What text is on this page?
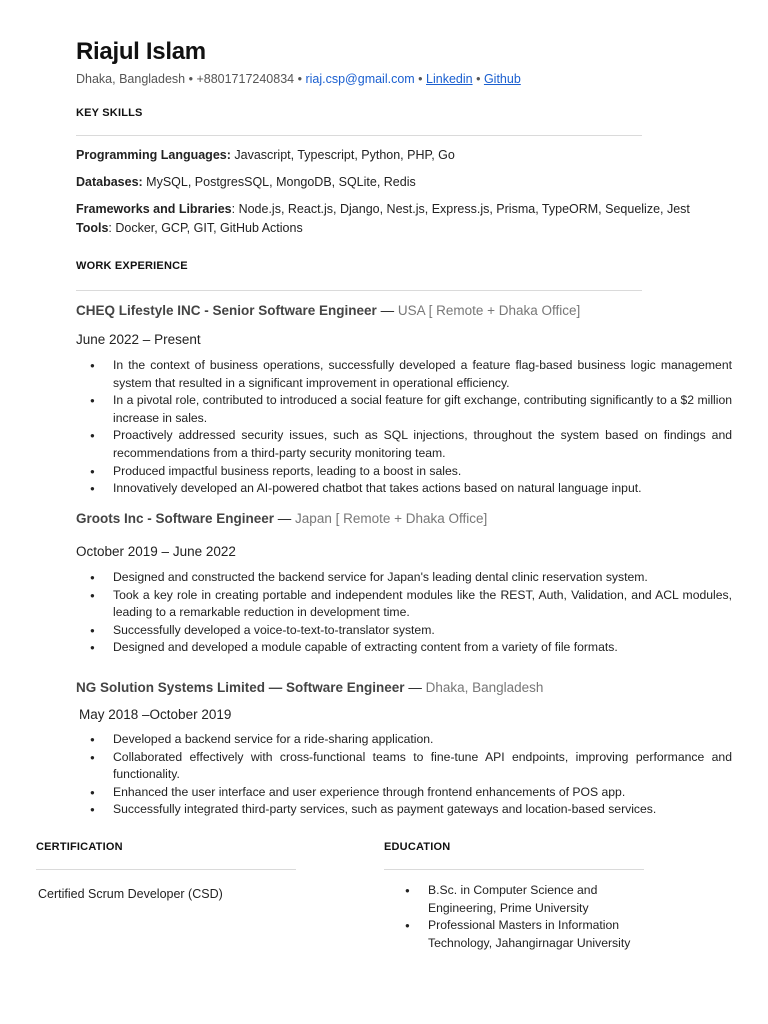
Riajul Islam
Dhaka, Bangladesh • +8801717240834 • riaj.csp@gmail.com • Linkedin • Github
KEY SKILLS
Programming Languages: Javascript, Typescript, Python, PHP, Go
Databases: MySQL, PostgresSQL, MongoDB, SQLite, Redis
Frameworks and Libraries: Node.js, React.js, Django, Nest.js, Express.js, Prisma, TypeORM, Sequelize, Jest
Tools: Docker, GCP, GIT, GitHub Actions
WORK EXPERIENCE
CHEQ Lifestyle INC - Senior Software Engineer — USA [ Remote + Dhaka Office]
June 2022 – Present
● In the context of business operations, successfully developed a feature flag-based business logic management system that resulted in a significant improvement in operational efficiency.
● In a pivotal role, contributed to introduced a social feature for gift exchange, contributing significantly to a $2 million increase in sales.
● Proactively addressed security issues, such as SQL injections, throughout the system based on findings and recommendations from a third-party security monitoring team.
● Produced impactful business reports, leading to a boost in sales.
● Innovatively developed an AI-powered chatbot that takes actions based on natural language input.
Groots Inc - Software Engineer — Japan [ Remote + Dhaka Office]
October 2019 – June 2022
● Designed and constructed the backend service for Japan's leading dental clinic reservation system.
● Took a key role in creating portable and independent modules like the REST, Auth, Validation, and ACL modules, leading to a remarkable reduction in development time.
● Successfully developed a voice-to-text-to-translator system.
● Designed and developed a module capable of extracting content from a variety of file formats.
NG Solution Systems Limited — Software Engineer — Dhaka, Bangladesh
May 2018 –October 2019
● Developed a backend service for a ride-sharing application.
● Collaborated effectively with cross-functional teams to fine-tune API endpoints, improving performance and functionality.
● Enhanced the user interface and user experience through frontend enhancements of POS app.
● Successfully integrated third-party services, such as payment gateways and location-based services.
CERTIFICATION
Certified Scrum Developer (CSD)
EDUCATION
● B.Sc. in Computer Science and Engineering, Prime University
● Professional Masters in Information Technology, Jahangirnagar University
